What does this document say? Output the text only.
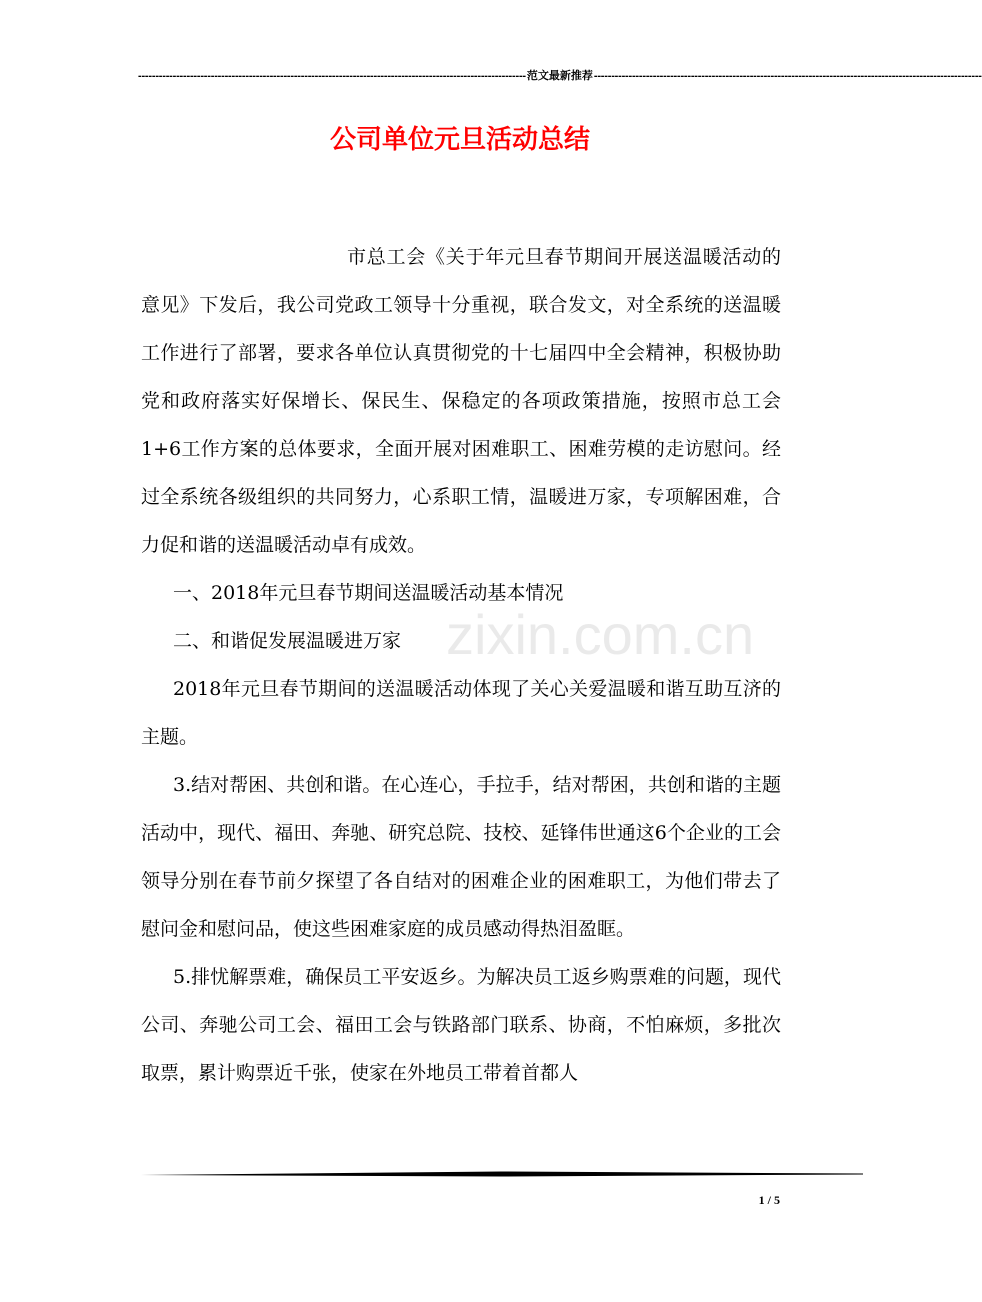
---------------------------------------------------------------------------------------------------------------- 范文最新推荐 ----------------------------------------------------------------------------------------------------------------
公司单位元旦活动总结
zixin.com.cn

市总工会《关于年元旦春节期间开展送温暖活动的意见》下发后，我公司党政工领导十分重视，联合发文，对全系统的送温暖工作进行了部署，要求各单位认真贯彻党的十七届四中全会精神，积极协助党和政府落实好保增长、保民生、保稳定的各项政策措施，按照市总工会1+6工作方案的总体要求，全面开展对困难职工、困难劳模的走访慰问。经过全系统各级组织的共同努力，心系职工情，温暖进万家，专项解困难，合力促和谐的送温暖活动卓有成效。

一、2018年元旦春节期间送温暖活动基本情况

二、和谐促发展温暖进万家

2018年元旦春节期间的送温暖活动体现了关心关爱温暖和谐互助互济的主题。

3.结对帮困、共创和谐。在心连心，手拉手，结对帮困，共创和谐的主题活动中，现代、福田、奔驰、研究总院、技校、延锋伟世通这6个企业的工会领导分别在春节前夕探望了各自结对的困难企业的困难职工，为他们带去了慰问金和慰问品，使这些困难家庭的成员感动得热泪盈眶。

5.排忧解票难，确保员工平安返乡。为解决员工返乡购票难的问题，现代公司、奔驰公司工会、福田工会与铁路部门联系、协商，不怕麻烦，多批次取票，累计购票近千张，使家在外地员工带着首都人

1 / 5
